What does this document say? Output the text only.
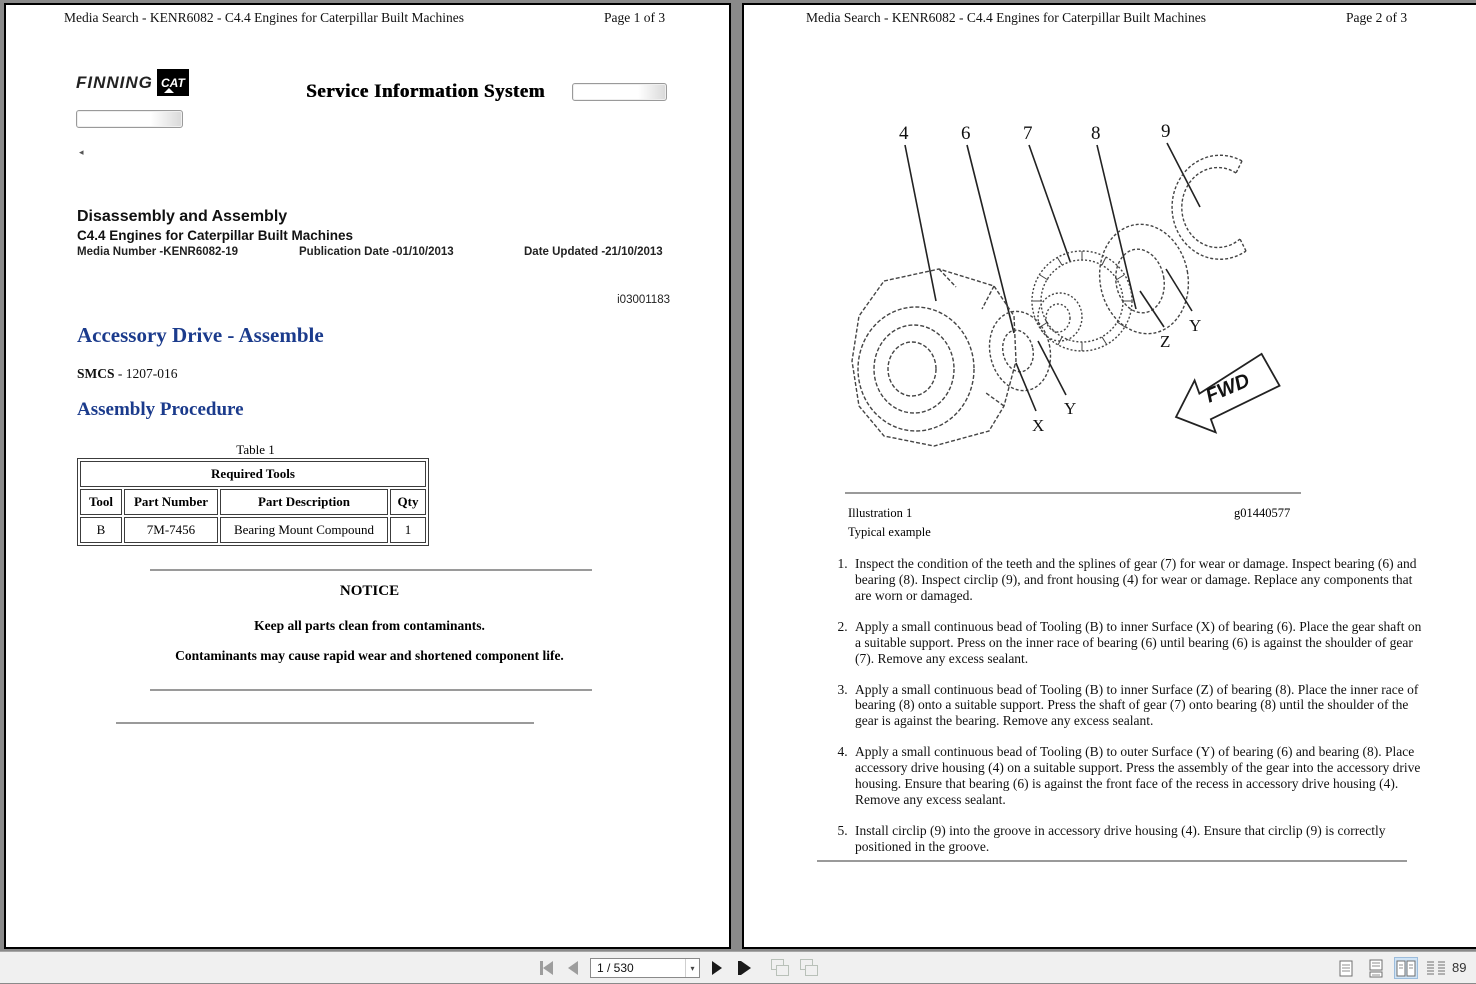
Media Search - KENR6082 - C4.4 Engines for Caterpillar Built Machines	Page 1 of 3
FINNING CAT	Service Information System
◂
Disassembly and Assembly
C4.4 Engines for Caterpillar Built Machines
Media Number -KENR6082-19	Publication Date -01/10/2013	Date Updated -21/10/2013
i03001183
Accessory Drive - Assemble
SMCS - 1207-016
Assembly Procedure
Table 1
Required Tools			
Tool	Part Number	Part Description	Qty
B	7M-7456	Bearing Mount Compound	1
NOTICE
Keep all parts clean from contaminants.
Contaminants may cause rapid wear and shortened component life.
Media Search - KENR6082 - C4.4 Engines for Caterpillar Built Machines	Page 2 of 3
4	6	7	8	9
X
Y
Z
Y
FWD
Illustration 1	g01440577
Typical example
1. Inspect the condition of the teeth and the splines of gear (7) for wear or damage. Inspect bearing (6) and bearing (8). Inspect circlip (9), and front housing (4) for wear or damage. Replace any components that are worn or damaged.
2. Apply a small continuous bead of Tooling (B) to inner Surface (X) of bearing (6). Place the gear shaft on a suitable support. Press on the inner race of bearing (6) until bearing (6) is against the shoulder of gear (7). Remove any excess sealant.
3. Apply a small continuous bead of Tooling (B) to inner Surface (Z) of bearing (8). Place the inner race of bearing (8) onto a suitable support. Press the shaft of gear (7) onto bearing (8) until the shoulder of the gear is against the bearing. Remove any excess sealant.
4. Apply a small continuous bead of Tooling (B) to outer Surface (Y) of bearing (6) and bearing (8). Place accessory drive housing (4) on a suitable support. Press the assembly of the gear into the accessory drive housing. Ensure that bearing (6) is against the front face of the recess in accessory drive housing (4). Remove any excess sealant.
5. Install circlip (9) into the groove in accessory drive housing (4). Ensure that circlip (9) is correctly positioned in the groove.
1 / 530	▾	89
